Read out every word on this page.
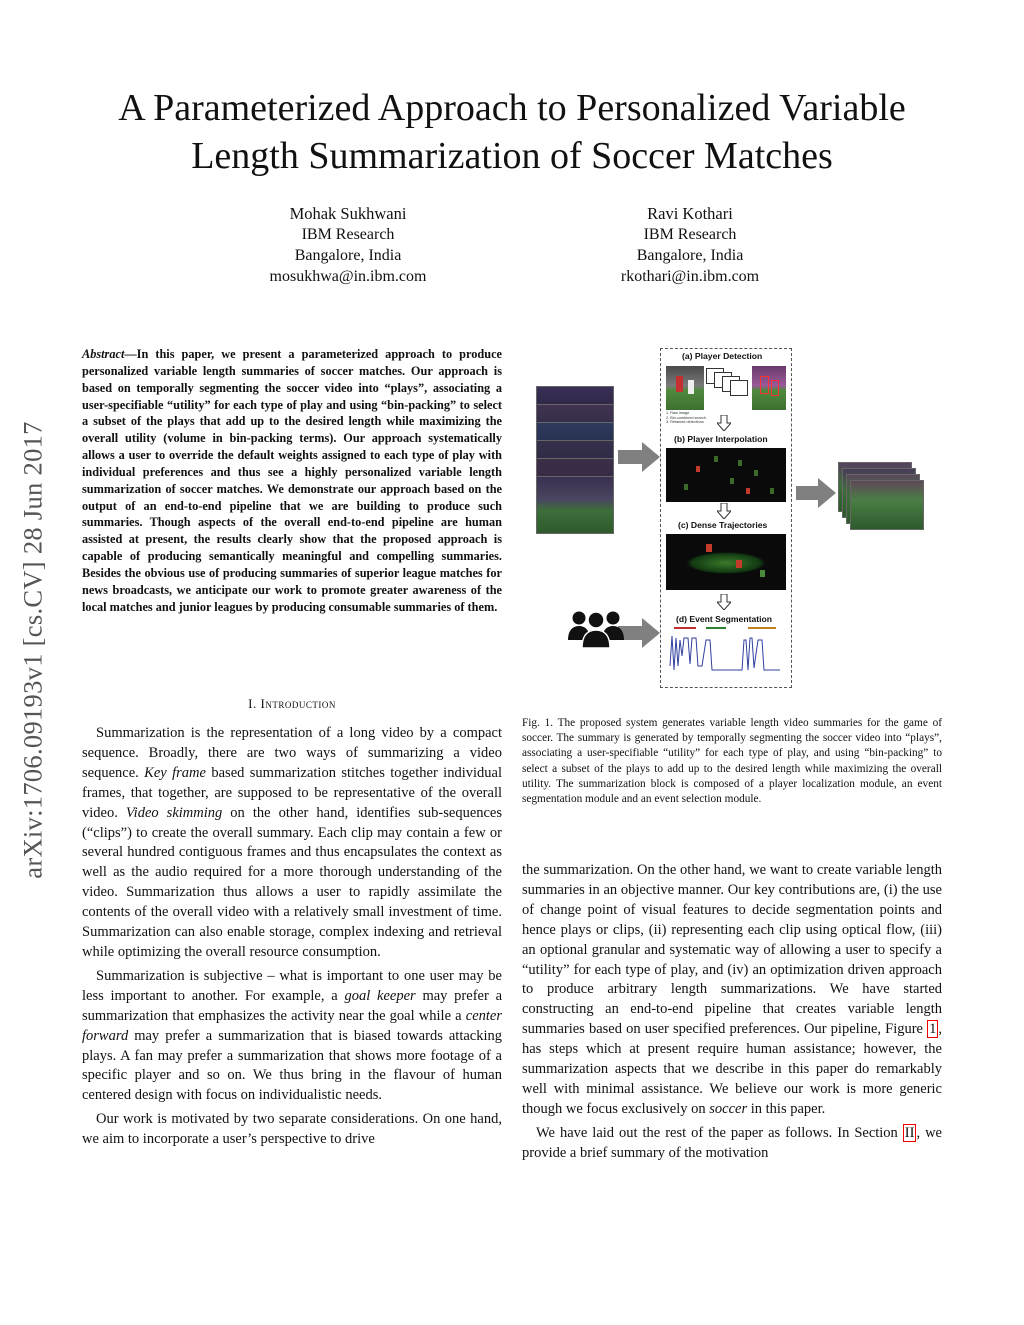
A Parameterized Approach to Personalized Variable
Length Summarization of Soccer Matches
Mohak Sukhwani
IBM Research
Bangalore, India
mosukhwa@in.ibm.com
Ravi Kothari
IBM Research
Bangalore, India
rkothari@in.ibm.com
arXiv:1706.09193v1 [cs.CV] 28 Jun 2017
Abstract—In this paper, we present a parameterized approach to produce personalized variable length summaries of soccer matches. Our approach is based on temporally segmenting the soccer video into “plays”, associating a user-specifiable “utility” for each type of play and using “bin-packing” to select a subset of the plays that add up to the desired length while maximizing the overall utility (volume in bin-packing terms). Our approach systematically allows a user to override the default weights assigned to each type of play with individual preferences and thus see a highly personalized variable length summarization of soccer matches. We demonstrate our approach based on the output of an end-to-end pipeline that we are building to produce such summaries. Though aspects of the overall end-to-end pipeline are human assisted at present, the results clearly show that the proposed approach is capable of producing semantically meaningful and compelling summaries. Besides the obvious use of producing summaries of superior league matches for news broadcasts, we anticipate our work to promote greater awareness of the local matches and junior leagues by producing consumable summaries of them.
I. Introduction

Summarization is the representation of a long video by a compact sequence. Broadly, there are two ways of summarizing a video sequence. Key frame based summarization stitches together individual frames, that together, are supposed to be representative of the overall video. Video skimming on the other hand, identifies sub-sequences (“clips”) to create the overall summary. Each clip may contain a few or several hundred contiguous frames and thus encapsulates the context as well as the audio required for a more thorough understanding of the video. Summarization thus allows a user to rapidly assimilate the contents of the overall video with a relatively small investment of time. Summarization can also enable storage, complex indexing and retrieval while optimizing the overall resource consumption.

Summarization is subjective – what is important to one user may be less important to another. For example, a goal keeper may prefer a summarization that emphasizes the activity near the goal while a center forward may prefer a summarization that is biased towards attacking plays. A fan may prefer a summarization that shows more footage of a specific player and so on. We thus bring in the flavour of human centered design with focus on individualistic needs.

Our work is motivated by two separate considerations. On one hand, we aim to incorporate a user’s perspective to drive

(a) Player Detection
1. Raw image
2. Bin-combined search
3. Retained detections
(b) Player Interpolation
(c) Dense Trajectories
(d) Event Segmentation
Fig. 1. The proposed system generates variable length video summaries for the game of soccer. The summary is generated by temporally segmenting the soccer video into “plays”, associating a user-specifiable “utility” for each type of play, and using “bin-packing” to select a subset of the plays to add up to the desired length while maximizing the overall utility. The summarization block is composed of a player localization module, an event segmentation module and an event selection module.

the summarization. On the other hand, we want to create variable length summaries in an objective manner. Our key contributions are, (i) the use of change point of visual features to decide segmentation points and hence plays or clips, (ii) representing each clip using optical flow, (iii) an optional granular and systematic way of allowing a user to specify a “utility” for each type of play, and (iv) an optimization driven approach to produce arbitrary length summarizations. We have started constructing an end-to-end pipeline that creates variable length summaries based on user specified preferences. Our pipeline, Figure 1 , has steps which at present require human assistance; however, the summarization aspects that we describe in this paper do remarkably well with minimal assistance. We believe our work is more generic though we focus exclusively on soccer in this paper.

We have laid out the rest of the paper as follows. In Section II , we provide a brief summary of the motivation
